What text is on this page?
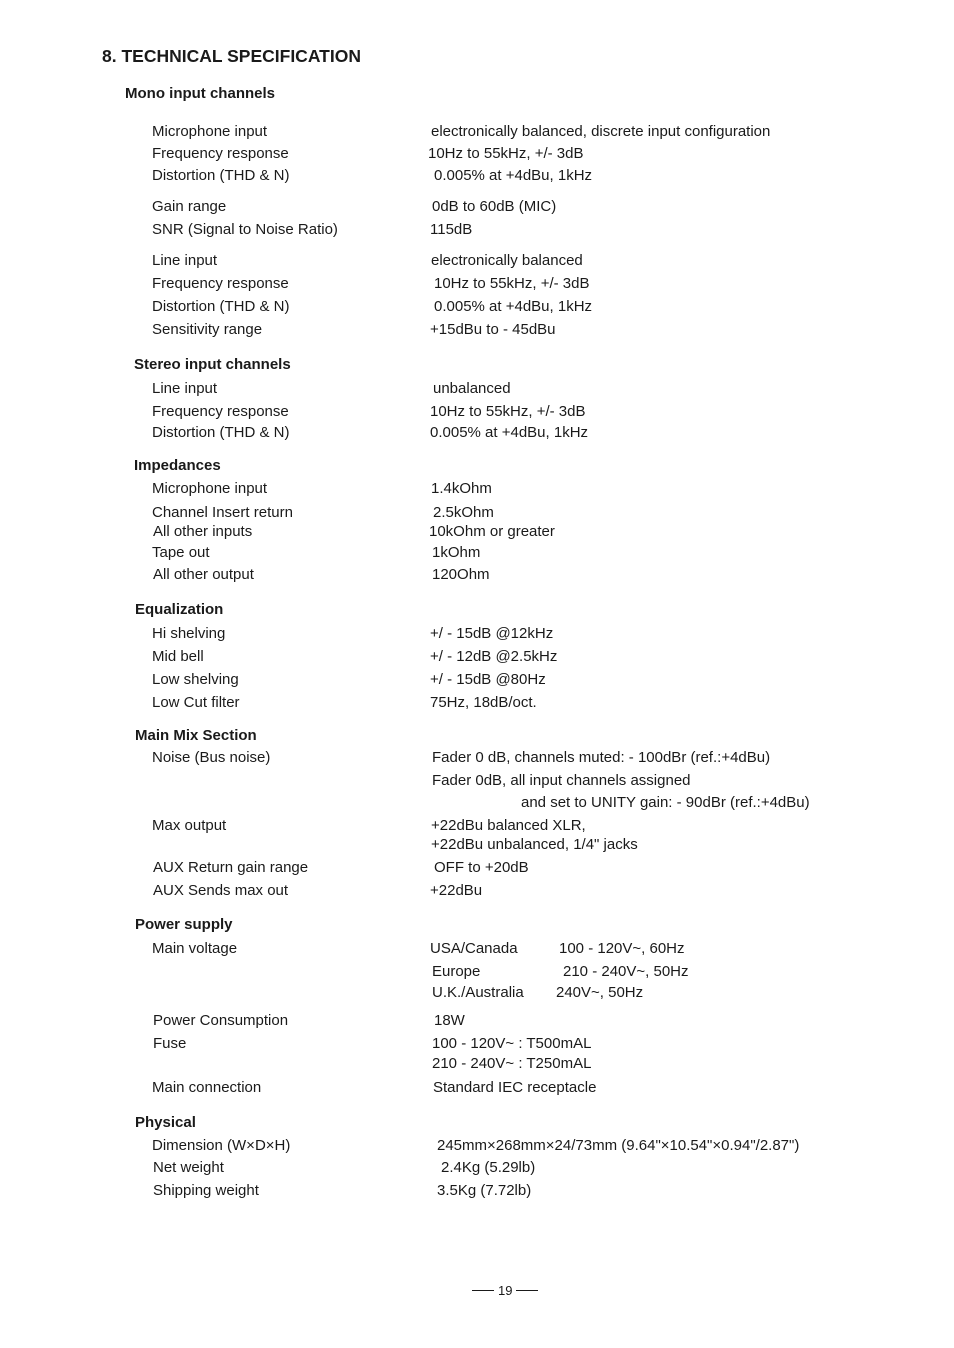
8. TECHNICAL SPECIFICATION
Mono input channels
Microphone input	electronically balanced, discrete input configuration
Frequency response	10Hz to 55kHz, +/- 3dB
Distortion (THD & N)	0.005% at +4dBu, 1kHz
Gain range	0dB to 60dB (MIC)
SNR (Signal to Noise Ratio)	115dB
Line input	electronically balanced
Frequency response	10Hz to 55kHz, +/- 3dB
Distortion (THD & N)	0.005% at +4dBu, 1kHz
Sensitivity range	+15dBu to - 45dBu
Stereo input channels
Line input	unbalanced
Frequency response	10Hz to 55kHz, +/- 3dB
Distortion (THD & N)	0.005% at +4dBu, 1kHz
Impedances
Microphone input	1.4kOhm
Channel Insert return	2.5kOhm
All other inputs	10kOhm or greater
Tape out	1kOhm
All other output	120Ohm
Equalization
Hi shelving	+/ - 15dB @12kHz
Mid bell	+/ - 12dB @2.5kHz
Low shelving	+/ - 15dB @80Hz
Low Cut filter	75Hz, 18dB/oct.
Main Mix Section
Noise (Bus noise)	Fader 0 dB, channels muted: - 100dBr (ref.:+4dBu)
Fader 0dB, all input channels assigned
and set to UNITY gain: - 90dBr (ref.:+4dBu)
Max output	+22dBu balanced XLR,
+22dBu unbalanced, 1/4" jacks
AUX Return gain range	OFF to +20dB
AUX Sends max out	+22dBu
Power supply
Main voltage	USA/Canada	100 - 120V~, 60Hz
Europe	210 - 240V~, 50Hz
U.K./Australia 240V~, 50Hz
Power Consumption	18W
Fuse	100 - 120V~ : T500mAL
210 - 240V~ : T250mAL
Main connection	Standard IEC receptacle
Physical
Dimension (W×D×H)	245mm×268mm×24/73mm (9.64"×10.54"×0.94"/2.87")
Net weight	2.4Kg (5.29lb)
Shipping weight	3.5Kg (7.72lb)
19
